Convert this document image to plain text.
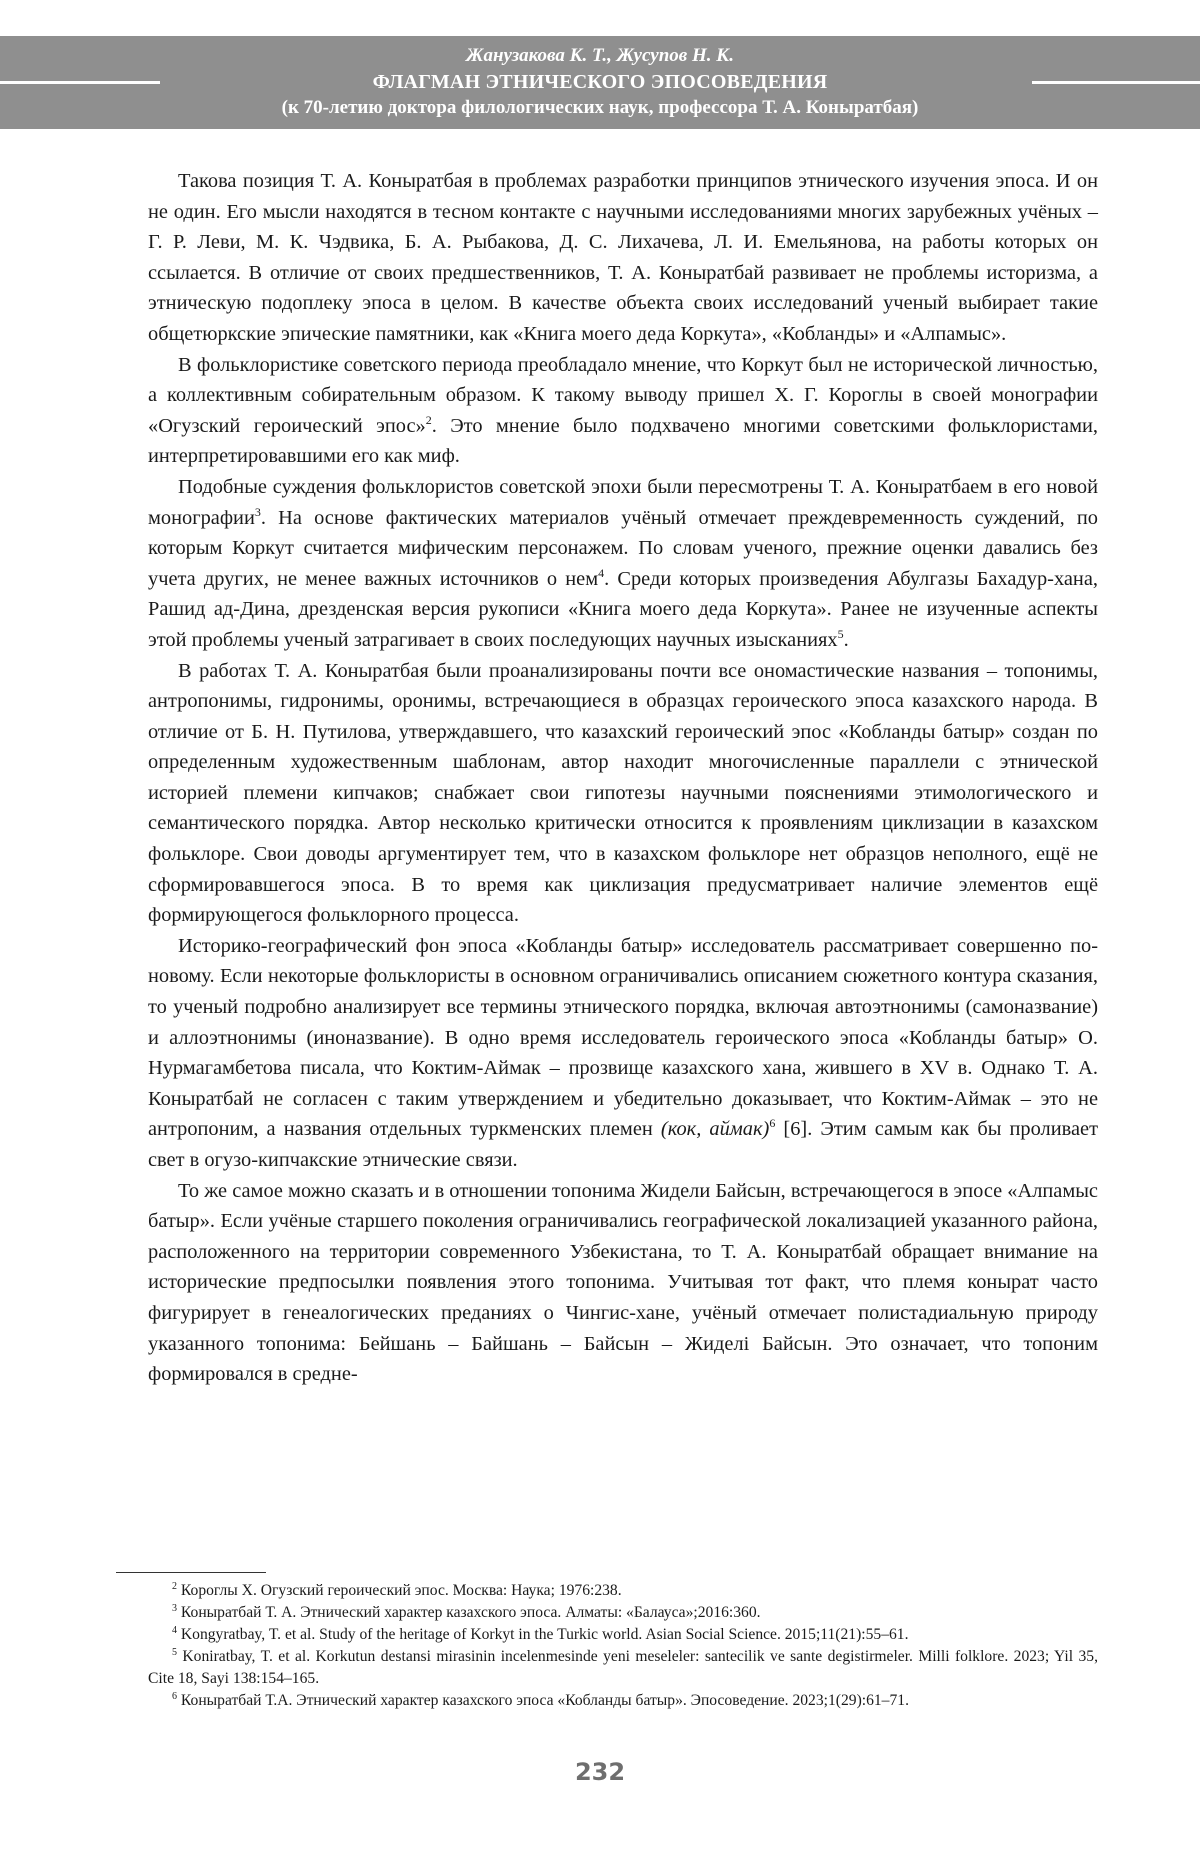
Жанузакова К. Т., Жусупов Н. К.
ФЛАГМАН ЭТНИЧЕСКОГО ЭПОСОВЕДЕНИЯ
(к 70-летию доктора филологических наук, профессора Т. А. Коныратбая)

Такова позиция Т. А. Коныратбая в проблемах разработки принципов этнического изучения эпоса. И он не один. Его мысли находятся в тесном контакте с научными исследованиями многих зарубежных учёных – Г. Р. Леви, М. К. Чэдвика, Б. А. Рыбакова, Д. С. Лихачева, Л. И. Емельянова, на работы которых он ссылается. В отличие от своих предшественников, Т. А. Коныратбай развивает не проблемы историзма, а этническую подоплеку эпоса в целом. В качестве объекта своих исследований ученый выбирает такие общетюркские эпические памятники, как «Книга моего деда Коркута», «Кобланды» и «Алпамыс».

В фольклористике советского периода преобладало мнение, что Коркут был не исторической личностью, а коллективным собирательным образом. К такому выводу пришел Х. Г. Короглы в своей монографии «Огузский героический эпос»$^2$. Это мнение было подхвачено многими советскими фольклористами, интерпретировавшими его как миф.

Подобные суждения фольклористов советской эпохи были пересмотрены Т. А. Коныратбаем в его новой монографии$^3$. На основе фактических материалов учёный отмечает преждевременность суждений, по которым Коркут считается мифическим персонажем. По словам ученого, прежние оценки давались без учета других, не менее важных источников о нем$^4$. Среди которых произведения Абулгазы Бахадур-хана, Рашид ад-Дина, дрезденская версия рукописи «Книга моего деда Коркута». Ранее не изученные аспекты этой проблемы ученый затрагивает в своих последующих научных изысканиях$^5$.

В работах Т. А. Коныратбая были проанализированы почти все ономастические названия – топонимы, антропонимы, гидронимы, оронимы, встречающиеся в образцах героического эпоса казахского народа. В отличие от Б. Н. Путилова, утверждавшего, что казахский героический эпос «Кобланды батыр» создан по определенным художественным шаблонам, автор находит многочисленные параллели с этнической историей племени кипчаков; снабжает свои гипотезы научными пояснениями этимологического и семантического порядка. Автор несколько критически относится к проявлениям циклизации в казахском фольклоре. Свои доводы аргументирует тем, что в казахском фольклоре нет образцов неполного, ещё не сформировавшегося эпоса. В то время как циклизация предусматривает наличие элементов ещё формирующегося фольклорного процесса.

Историко-географический фон эпоса «Кобланды батыр» исследователь рассматривает совершенно по-новому. Если некоторые фольклористы в основном ограничивались описанием сюжетного контура сказания, то ученый подробно анализирует все термины этнического порядка, включая автоэтнонимы (самоназвание) и аллоэтнонимы (иноназвание). В одно время исследователь героического эпоса «Кобланды батыр» О. Нурмагамбетова писала, что Коктим-Аймак – прозвище казахского хана, жившего в XV в. Однако Т. А. Коныратбай не согласен с таким утверждением и убедительно доказывает, что Коктим-Аймак – это не антропоним, а названия отдельных туркменских племен (кок, аймак)$^6$ [6]. Этим самым как бы проливает свет в огузо-кипчакские этнические связи.

То же самое можно сказать и в отношении топонима Жидели Байсын, встречающегося в эпосе «Алпамыс батыр». Если учёные старшего поколения ограничивались географической локализацией указанного района, расположенного на территории современного Узбекистана, то Т. А. Коныратбай обращает внимание на исторические предпосылки появления этого топонима. Учитывая тот факт, что племя конырат часто фигурирует в генеалогических преданиях о Чингис-хане, учёный отмечает полистадиальную природу указанного топонима: Бейшань – Байшань – Байсын – Жиделі Байсын. Это означает, что топоним формировался в средне-

$^2$ Короглы Х. Огузский героический эпос. Москва: Наука; 1976:238.

$^3$ Коныратбай Т. А. Этнический характер казахского эпоса. Алматы: «Балауса»;2016:360.

$^4$ Kongyratbay, T. et al. Study of the heritage of Korkyt in the Turkic world. Asian Social Science. 2015;11(21):55–61.

$^5$ Koniratbay, T. et al. Korkutun destansi mirasinin incelenmesinde yeni meseleler: santecilik ve sante degistirmeler. Milli folklore. 2023; Yil 35, Cite 18, Sayi 138:154–165.

$^6$ Коныратбай Т.А. Этнический характер казахского эпоса «Кобланды батыр». Эпосоведение. 2023;1(29):61–71.

232
